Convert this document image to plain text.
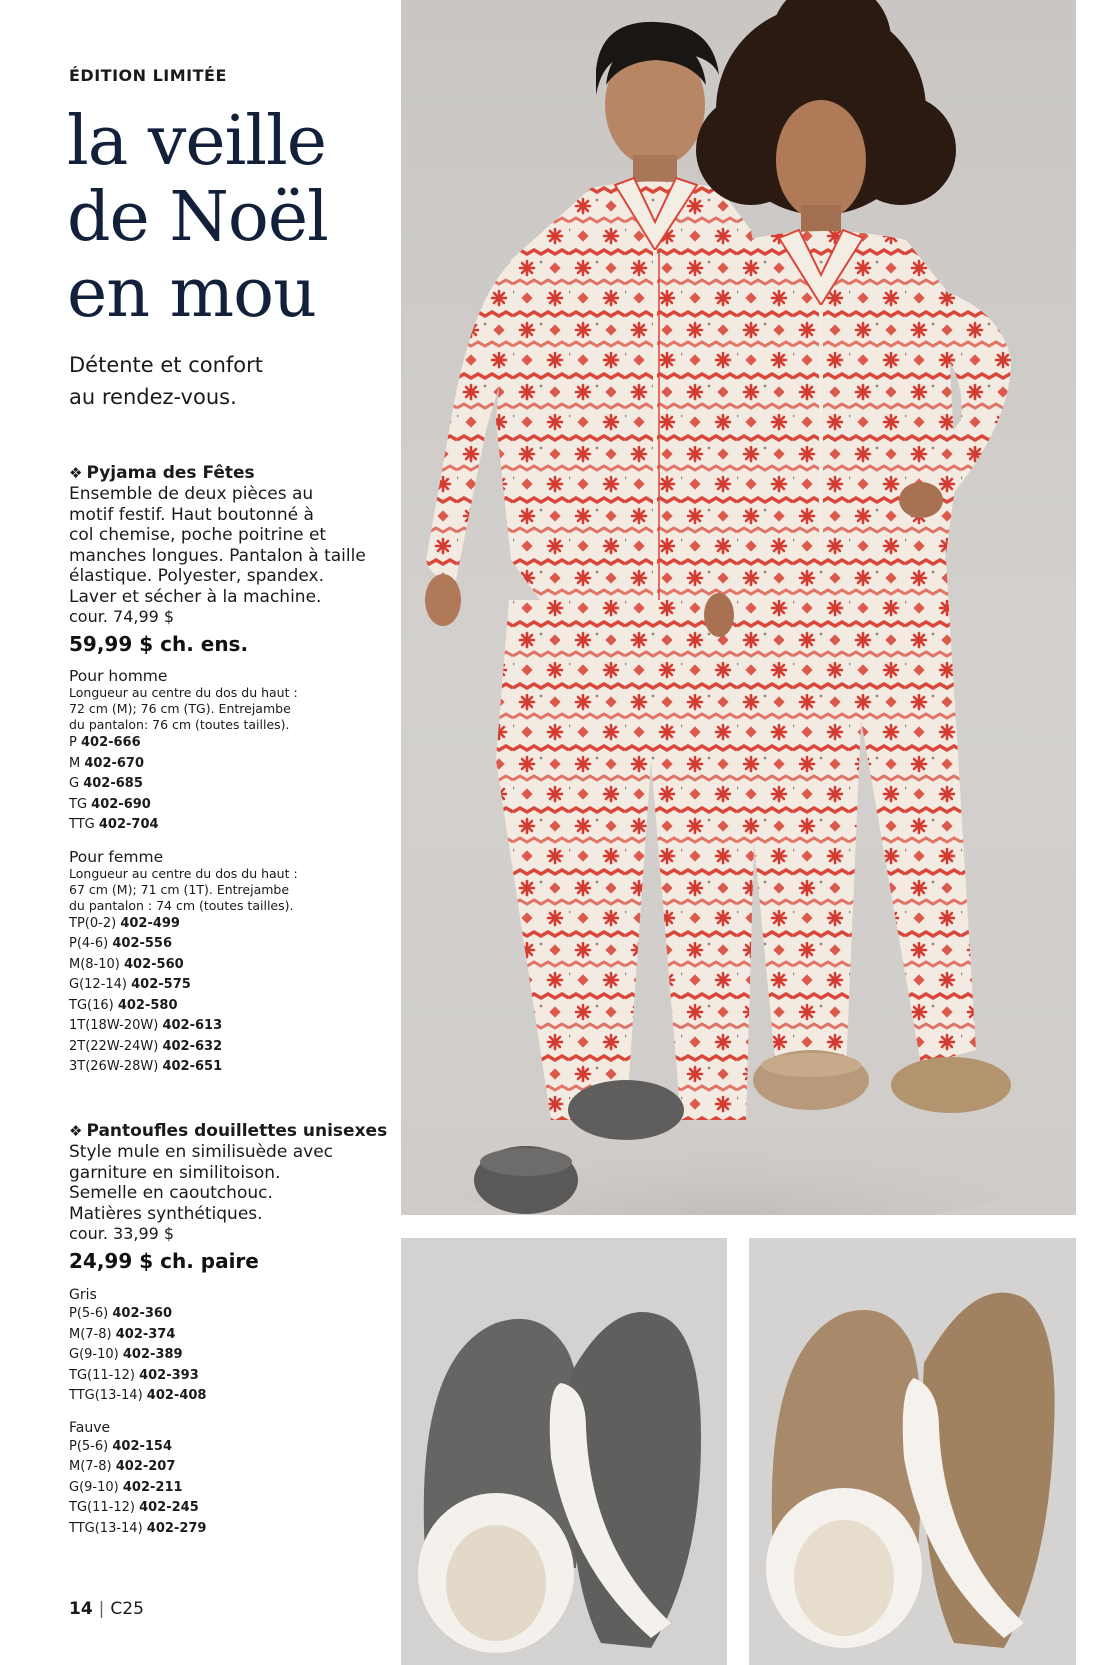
ÉDITION LIMITÉE
la veille
de Noël
en mou
Détente et confort
au rendez-vous.
❖ Pyjama des Fêtes
Ensemble de deux pièces au
motif festif. Haut boutonné à
col chemise, poche poitrine et
manches longues. Pantalon à taille
élastique. Polyester, spandex.
Laver et sécher à la machine.
cour. 74,99 $
59,99 $ ch. ens.
Pour homme
Longueur au centre du dos du haut :
72 cm (M); 76 cm (TG). Entrejambe
du pantalon: 76 cm (toutes tailles).
P 402-666
M 402-670
G 402-685
TG 402-690
TTG 402-704
Pour femme
Longueur au centre du dos du haut :
67 cm (M); 71 cm (1T). Entrejambe
du pantalon : 74 cm (toutes tailles).
TP(0-2) 402-499
P(4-6) 402-556
M(8-10) 402-560
G(12-14) 402-575
TG(16) 402-580
1T(18W-20W) 402-613
2T(22W-24W) 402-632
3T(26W-28W) 402-651
❖ Pantoufles douillettes unisexes
Style mule en similisuède avec
garniture en similitoison.
Semelle en caoutchouc.
Matières synthétiques.
cour. 33,99 $
24,99 $ ch. paire
Gris
P(5-6) 402-360
M(7-8) 402-374
G(9-10) 402-389
TG(11-12) 402-393
TTG(13-14) 402-408
Fauve
P(5-6) 402-154
M(7-8) 402-207
G(9-10) 402-211
TG(11-12) 402-245
TTG(13-14) 402-279
14 | C25
